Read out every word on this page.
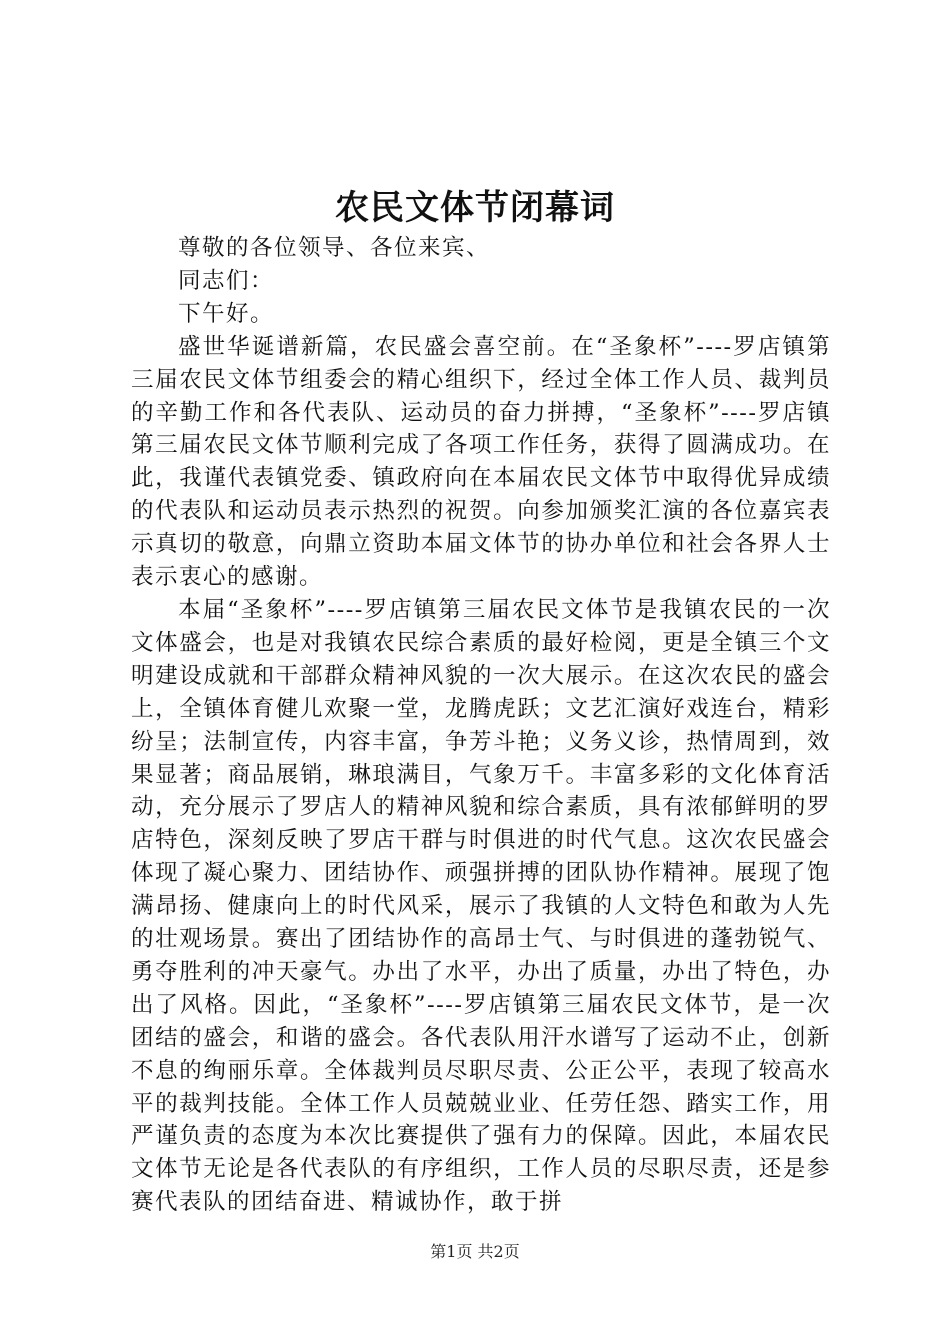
农民文体节闭幕词

尊敬的各位领导、各位来宾、

同志们：

下午好。

盛世华诞谱新篇，农民盛会喜空前。在“圣象杯”----罗店镇第三届农民文体节组委会的精心组织下，经过全体工作人员、裁判员的辛勤工作和各代表队、运动员的奋力拼搏，“圣象杯”----罗店镇第三届农民文体节顺利完成了各项工作任务，获得了圆满成功。在此，我谨代表镇党委、镇政府向在本届农民文体节中取得优异成绩的代表队和运动员表示热烈的祝贺。向参加颁奖汇演的各位嘉宾表示真切的敬意，向鼎立资助本届文体节的协办单位和社会各界人士表示衷心的感谢。

本届“圣象杯”----罗店镇第三届农民文体节是我镇农民的一次文体盛会，也是对我镇农民综合素质的最好检阅，更是全镇三个文明建设成就和干部群众精神风貌的一次大展示。在这次农民的盛会上，全镇体育健儿欢聚一堂，龙腾虎跃；文艺汇演好戏连台，精彩纷呈；法制宣传，内容丰富，争芳斗艳；义务义诊，热情周到，效果显著；商品展销，琳琅满目，气象万千。丰富多彩的文化体育活动，充分展示了罗店人的精神风貌和综合素质，具有浓郁鲜明的罗店特色，深刻反映了罗店干群与时俱进的时代气息。这次农民盛会体现了凝心聚力、团结协作、顽强拼搏的团队协作精神。展现了饱满昂扬、健康向上的时代风采，展示了我镇的人文特色和敢为人先的壮观场景。赛出了团结协作的高昂士气、与时俱进的蓬勃锐气、勇夺胜利的冲天豪气。办出了水平，办出了质量，办出了特色，办出了风格。因此，“圣象杯”----罗店镇第三届农民文体节，是一次团结的盛会，和谐的盛会。各代表队用汗水谱写了运动不止，创新不息的绚丽乐章。全体裁判员尽职尽责、公正公平，表现了较高水平的裁判技能。全体工作人员兢兢业业、任劳任怨、踏实工作，用严谨负责的态度为本次比赛提供了强有力的保障。因此，本届农民文体节无论是各代表队的有序组织，工作人员的尽职尽责，还是参赛代表队的团结奋进、精诚协作，敢于拼

第1页 共2页
